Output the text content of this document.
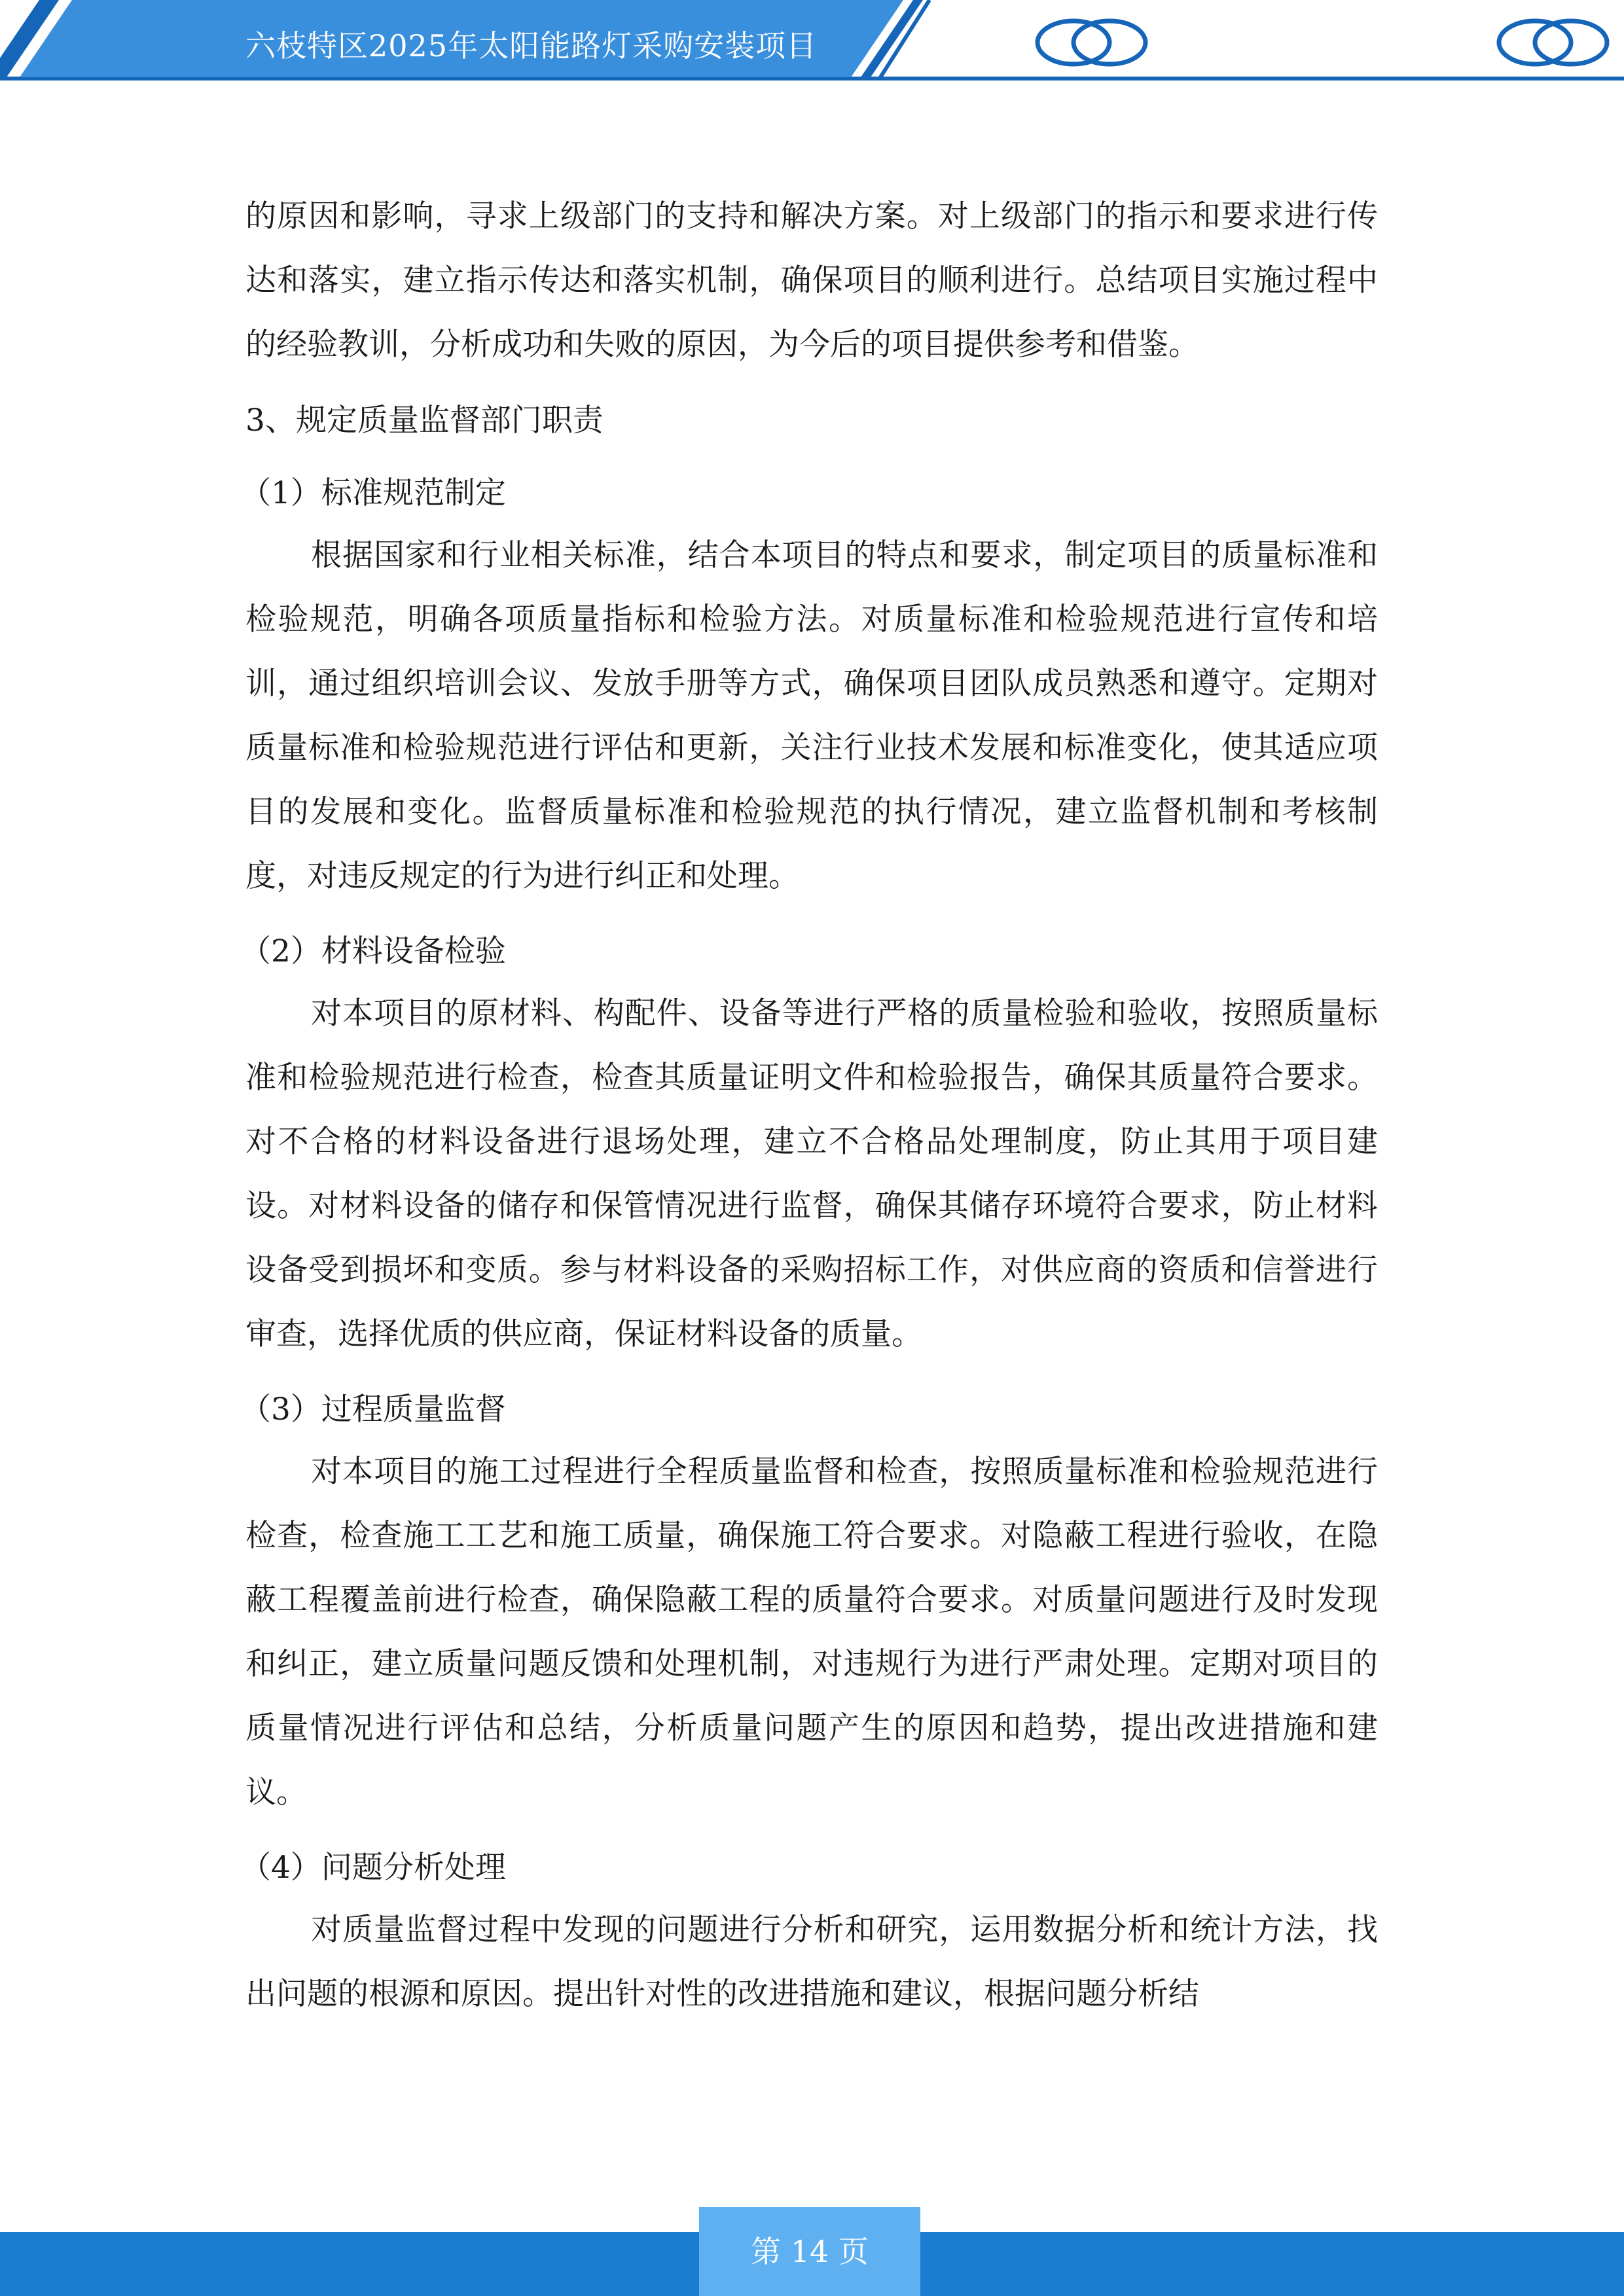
六枝特区2025年太阳能路灯采购安装项目

的原因和影响，寻求上级部门的支持和解决方案。对上级部门的指示和要求进行传达和落实，建立指示传达和落实机制，确保项目的顺利进行。总结项目实施过程中的经验教训，分析成功和失败的原因，为今后的项目提供参考和借鉴。

3、规定质量监督部门职责

（1）标准规范制定

根据国家和行业相关标准，结合本项目的特点和要求，制定项目的质量标准和检验规范，明确各项质量指标和检验方法。对质量标准和检验规范进行宣传和培训，通过组织培训会议、发放手册等方式，确保项目团队成员熟悉和遵守。定期对质量标准和检验规范进行评估和更新，关注行业技术发展和标准变化，使其适应项目的发展和变化。监督质量标准和检验规范的执行情况，建立监督机制和考核制度，对违反规定的行为进行纠正和处理。

（2）材料设备检验

对本项目的原材料、构配件、设备等进行严格的质量检验和验收，按照质量标准和检验规范进行检查，检查其质量证明文件和检验报告，确保其质量符合要求。对不合格的材料设备进行退场处理，建立不合格品处理制度，防止其用于项目建设。对材料设备的储存和保管情况进行监督，确保其储存环境符合要求，防止材料设备受到损坏和变质。参与材料设备的采购招标工作，对供应商的资质和信誉进行审查，选择优质的供应商，保证材料设备的质量。

（3）过程质量监督

对本项目的施工过程进行全程质量监督和检查，按照质量标准和检验规范进行检查，检查施工工艺和施工质量，确保施工符合要求。对隐蔽工程进行验收，在隐蔽工程覆盖前进行检查，确保隐蔽工程的质量符合要求。对质量问题进行及时发现和纠正，建立质量问题反馈和处理机制，对违规行为进行严肃处理。定期对项目的质量情况进行评估和总结，分析质量问题产生的原因和趋势，提出改进措施和建议。

（4）问题分析处理

对质量监督过程中发现的问题进行分析和研究，运用数据分析和统计方法，找出问题的根源和原因。提出针对性的改进措施和建议，根据问题分析结

第 14 页
